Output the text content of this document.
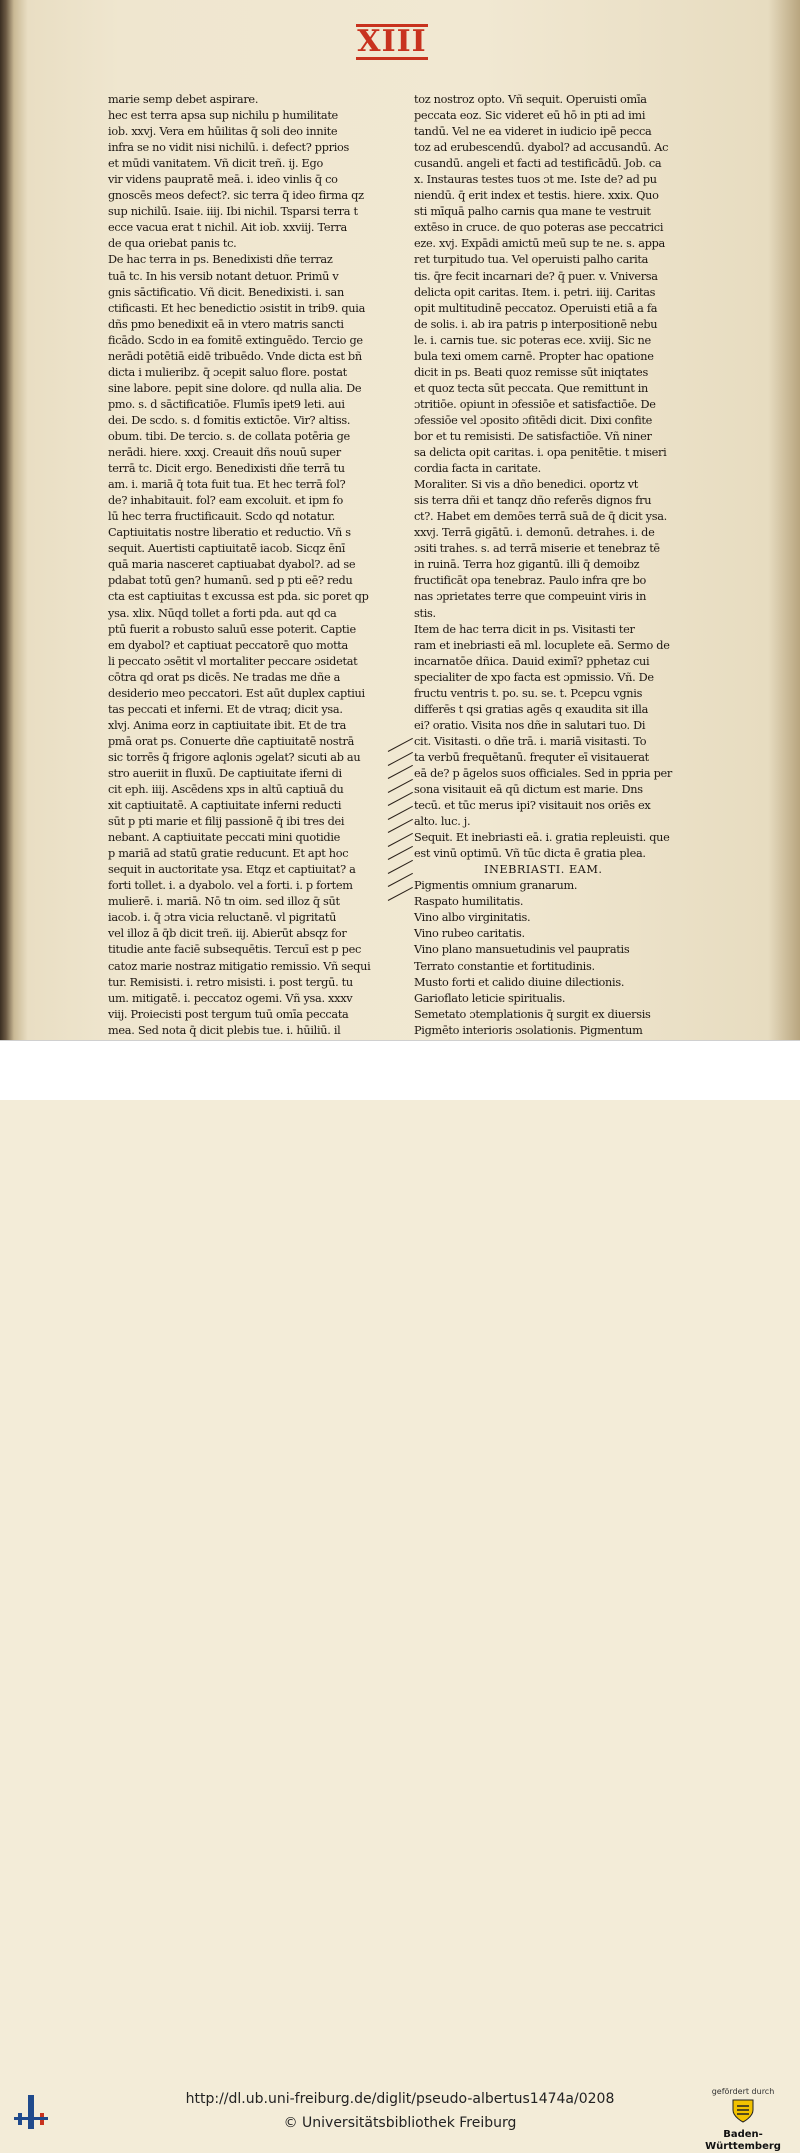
XIII
marie semp debet aspirare.
hec est terra apsa sup nichilu p humilitate
iob. xxvj. Vera em hūilitas q̄ soli deo innite
infra se no vidit nisi nichilū. i. defect? pprios
et mūdi vanitatem. Vñ dicit treñ. ij. Ego
vir videns paupratē meā. i. ideo vinlis q̄ co
gnoscēs meos defect?. sic terra q̄ ideo firma qz
sup nichilū. Isaie. iiij. Ibi nichil. Tsparsi terra t
ecce vacua erat t nichil. Ait iob. xxviij. Terra
de qua oriebat panis tc.
De hac terra in ps. Benedixisti dñe terraz
tuā tc. In his versib notant detuor. Primū v
gnis sāctificatio. Vñ dicit. Benedixisti. i. san
ctificasti. Et hec benedictio ɔsistit in trib9. quia
dñs pmo benedixit eā in vtero matris sancti
ficādo. Scdo in ea fomitē extinguēdo. Tercio ge
nerādi potētiā eidē tribuēdo. Vnde dicta est bñ
dicta i mulieribz. q̄ ɔcepit saluo flore. postat
sine labore. pepit sine dolore. qd nulla alia. De
pmo. s. d sāctificatiōe. Flumīs ipet9 leti. aui
dei. De scdo. s. d fomitis extictōe. Vir? altiss.
obum. tibi. De tercio. s. de collata potēria ge
nerādi. hiere. xxxj. Creauit dñs nouū super
terrā tc. Dicit ergo. Benedixisti dñe terrā tu
am. i. mariā q̄ tota fuit tua. Et hec terrā fol?
de? inhabitauit. fol? eam excoluit. et ipm fo
lū hec terra fructificauit. Scdo qd notatur.
Captiuitatis nostre liberatio et reductio. Vñ s
sequit. Auertisti captiuitatē iacob. Sicqz ēnī
quā maria nasceret captiuabat dyabol?. ad se
pdabat totū gen? humanū. sed p pti eē? redu
cta est captiuitas t excussa est pda. sic poret qp
ysa. xlix. Nūqd tollet a forti pda. aut qd ca
ptū fuerit a robusto saluū esse poterit. Captie
em dyabol? et captiuat peccatorē quo motta
li peccato ɔsētit vl mortaliter peccare ɔsidetat
cōtra qd orat ps dicēs. Ne tradas me dñe a
desiderio meo peccatori. Est aūt duplex captiui
tas peccati et inferni. Et de vtraq; dicit ysa.
xlvj. Anima eorz in captiuitate ibit. Et de tra
pmā orat ps. Conuerte dñe captiuitatē nostrā
sic torrēs q̄ frigore aqlonis ɔgelat? sicuti ab au
stro aueriit in fluxū. De captiuitate iferni di
cit eph. iiij. Ascēdens xps in altū captiuā du
xit captiuitatē. A captiuitate inferni reducti
sūt p pti marie et filij passionē q̄ ibi tres dei
nebant. A captiuitate peccati mini quotidie
p mariā ad statū gratie reducunt. Et apt hoc
sequit in auctoritate ysa. Etqz et captiuitat? a
forti tollet. i. a dyabolo. vel a forti. i. p fortem
mulierē. i. mariā. Nō tn oim. sed illoz q̄ sūt
iacob. i. q̄ ɔtra vicia reluctanē. vl pigritatū
vel illoz ā q̄b dicit treñ. iij. Abierūt absqz for
titudie ante faciē subsequētis. Tercuī est p pec
catoz marie nostraz mitigatio remissio. Vñ sequi
tur. Remisisti. i. retro misisti. i. post tergū. tu
um. mitigatē. i. peccatoz ogemi. Vñ ysa. xxxv
viij. Proiecisti post tergum tuū omīa peccata
mea. Sed nota q̄ dicit plebis tue. i. hūiliū. il
toz nostroz opto. Vñ sequit. Operuisti omīa
peccata eoz. Sic videret eū hō in pti ad imi
tandū. Vel ne ea videret in iudicio ipē pecca
toz ad erubescendū. dyabol? ad accusandū. Ac
cusandū. angeli et facti ad testificādū. Job. ca
x. Instauras testes tuos ɔt me. Iste de? ad pu
niendū. q̄ erit index et testis. hiere. xxix. Quo
sti mīquā palho carnis qua mane te vestruit
extēso in cruce. de quo poteras ase peccatrici
eze. xvj. Expādi amictū meū sup te ne. s. appa
ret turpitudo tua. Vel operuisti palho carita
tis. q̄re fecit incarnari de? q̄ puer. v. Vniversa
delicta opit caritas. Item. i. petri. iiij. Caritas
opit multitudinē peccatoz. Operuisti etiā a fa
de solis. i. ab ira patris p interpositionē nebu
le. i. carnis tue. sic poteras ece. xviij. Sic ne
bula texi omem carnē. Propter hac opatione
dicit in ps. Beati quoz remisse sūt iniqtates
et quoz tecta sūt peccata. Que remittunt in
ɔtritiōe. opiunt in ɔfessiōe et satisfactiōe. De
ɔfessiōe vel ɔposito ɔfitēdi dicit. Dixi confite
bor et tu remisisti. De satisfactiōe. Vñ niner
sa delicta opit caritas. i. opa penitētie. t miseri
cordia facta in caritate.
Moraliter. Si vis a dño benedici. oportz vt
sis terra dñi et tanqz dño referēs dignos fru
ct?. Habet em demōes terrā suā de q̄ dicit ysa.
xxvj. Terrā gigātū. i. demonū. detrahes. i. de
ɔsiti trahes. s. ad terrā miserie et tenebraz tē
in ruinā. Terra hoz gigantū. illi q̄ demoibz
fructificāt opa tenebraz. Paulo infra qre bo
nas ɔprietates terre que compeuint viris in
stis.
Item de hac terra dicit in ps. Visitasti ter
ram et inebriasti eā ml. locuplete eā. Sermo de
incarnatōe dñica. Dauid eximī? pphetaz cui
specialiter de xpo facta est ɔpmissio. Vñ. De
fructu ventris t. po. su. se. t. Pcepcu vgnis
differēs t qsi gratias agēs q exaudita sit illa
ei? oratio. Visita nos dñe in salutari tuo. Di
cit. Visitasti. o dñe trā. i. mariā visitasti. To
ta verbū frequētanū. frequter eī visitauerat
eā de? p āgelos suos officiales. Sed in ppria per
sona visitauit eā qū dictum est marie. Dns
tecū. et tūc merus ipi? visitauit nos oriēs ex
alto. luc. j.
Sequit. Et inebriasti eā. i. gratia repleuisti. que
est vinū optimū. Vñ tūc dicta ē gratia plea.
INEBRIASTI. EAM.
Pigmentis omnium granarum.
Raspato humilitatis.
Vino albo virginitatis.
Vino rubeo caritatis.
Vino plano mansuetudinis vel paupratis
Terrato constantie et fortitudinis.
Musto forti et calido diuine dilectionis.
Garioflato leticie spiritualis.
Semetato ɔtemplationis q̄ surgit ex diuersis
Pigmēto interioris ɔsolationis. Pigmentum
http://dl.ub.uni-freiburg.de/diglit/pseudo-albertus1474a/0208
© Universitätsbibliothek Freiburg
gefördert durch
Baden-Württemberg
